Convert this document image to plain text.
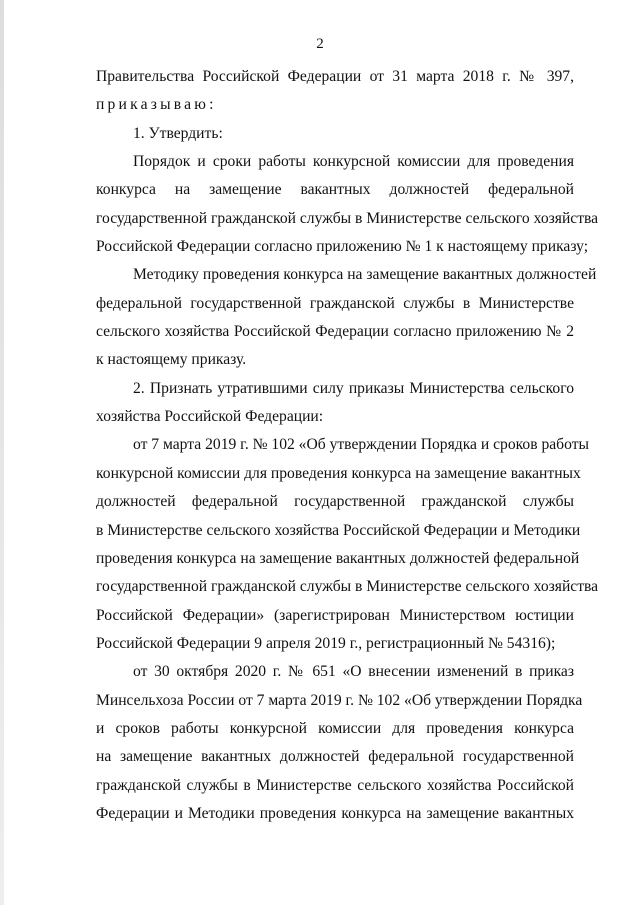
2
Правительства Российской Федерации от 31 марта 2018 г. № 397,
приказываю:
1. Утвердить:
Порядок и сроки работы конкурсной комиссии для проведения
конкурса на замещение вакантных должностей федеральной
государственной гражданской службы в Министерстве сельского хозяйства
Российской Федерации согласно приложению № 1 к настоящему приказу;
Методику проведения конкурса на замещение вакантных должностей
федеральной государственной гражданской службы в Министерстве
сельского хозяйства Российской Федерации согласно приложению № 2
к настоящему приказу.
2. Признать утратившими силу приказы Министерства сельского
хозяйства Российской Федерации:
от 7 марта 2019 г. № 102 «Об утверждении Порядка и сроков работы
конкурсной комиссии для проведения конкурса на замещение вакантных
должностей федеральной государственной гражданской службы
в Министерстве сельского хозяйства Российской Федерации и Методики
проведения конкурса на замещение вакантных должностей федеральной
государственной гражданской службы в Министерстве сельского хозяйства
Российской Федерации» (зарегистрирован Министерством юстиции
Российской Федерации 9 апреля 2019 г., регистрационный № 54316);
от 30 октября 2020 г. № 651 «О внесении изменений в приказ
Минсельхоза России от 7 марта 2019 г. № 102 «Об утверждении Порядка
и сроков работы конкурсной комиссии для проведения конкурса
на замещение вакантных должностей федеральной государственной
гражданской службы в Министерстве сельского хозяйства Российской
Федерации и Методики проведения конкурса на замещение вакантных
